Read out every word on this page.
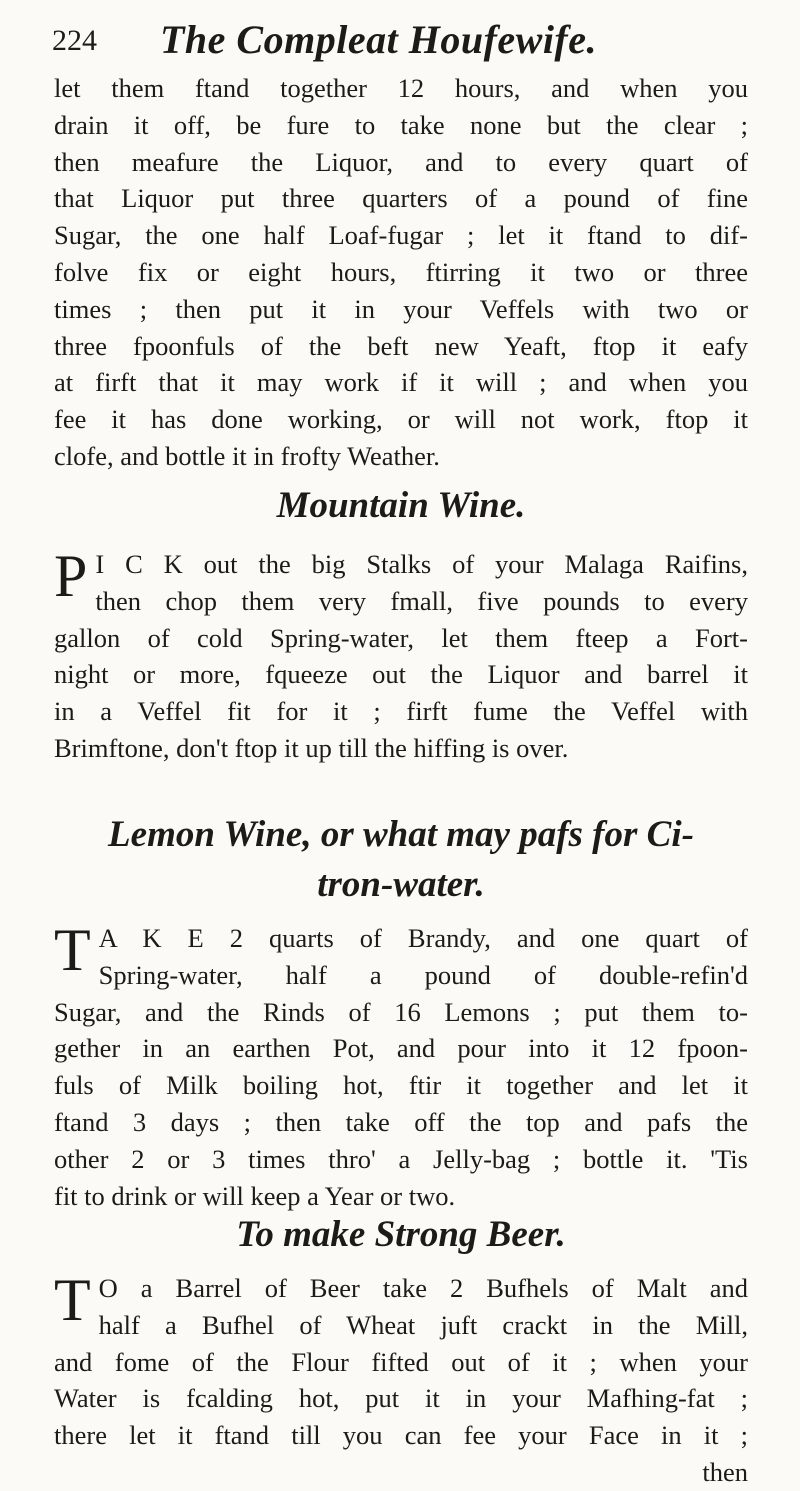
224 The Compleat Houfewife.
let them ftand together 12 hours, and when you
drain it off, be fure to take none but the clear ;
then meafure the Liquor, and to every quart of
that Liquor put three quarters of a pound of fine
Sugar, the one half Loaf-fugar ; let it ftand to dif-
folve fix or eight hours, ftirring it two or three
times ; then put it in your Veffels with two or
three fpoonfuls of the beft new Yeaft, ftop it eafy
at firft that it may work if it will ; and when you
fee it has done working, or will not work, ftop it
clofe, and bottle it in frofty Weather.
Mountain Wine.
P I C K out the big Stalks of your Malaga Raifins,
then chop them very fmall, five pounds to every
gallon of cold Spring-water, let them fteep a Fort-
night or more, fqueeze out the Liquor and barrel it
in a Veffel fit for it ; firft fume the Veffel with
Brimftone, don't ftop it up till the hiffing is over.
Lemon Wine, or what may pafs for Ci-
tron-water.
T A K E 2 quarts of Brandy, and one quart of
Spring-water, half a pound of double-refin'd
Sugar, and the Rinds of 16 Lemons ; put them to-
gether in an earthen Pot, and pour into it 12 fpoon-
fuls of Milk boiling hot, ftir it together and let it
ftand 3 days ; then take off the top and pafs the
other 2 or 3 times thro' a Jelly-bag ; bottle it. 'Tis
fit to drink or will keep a Year or two.
To make Strong Beer.
T O a Barrel of Beer take 2 Bufhels of Malt and
half a Bufhel of Wheat juft crackt in the Mill,
and fome of the Flour fifted out of it ; when your
Water is fcalding hot, put it in your Mafhing-fat ;
there let it ftand till you can fee your Face in it ;
then
